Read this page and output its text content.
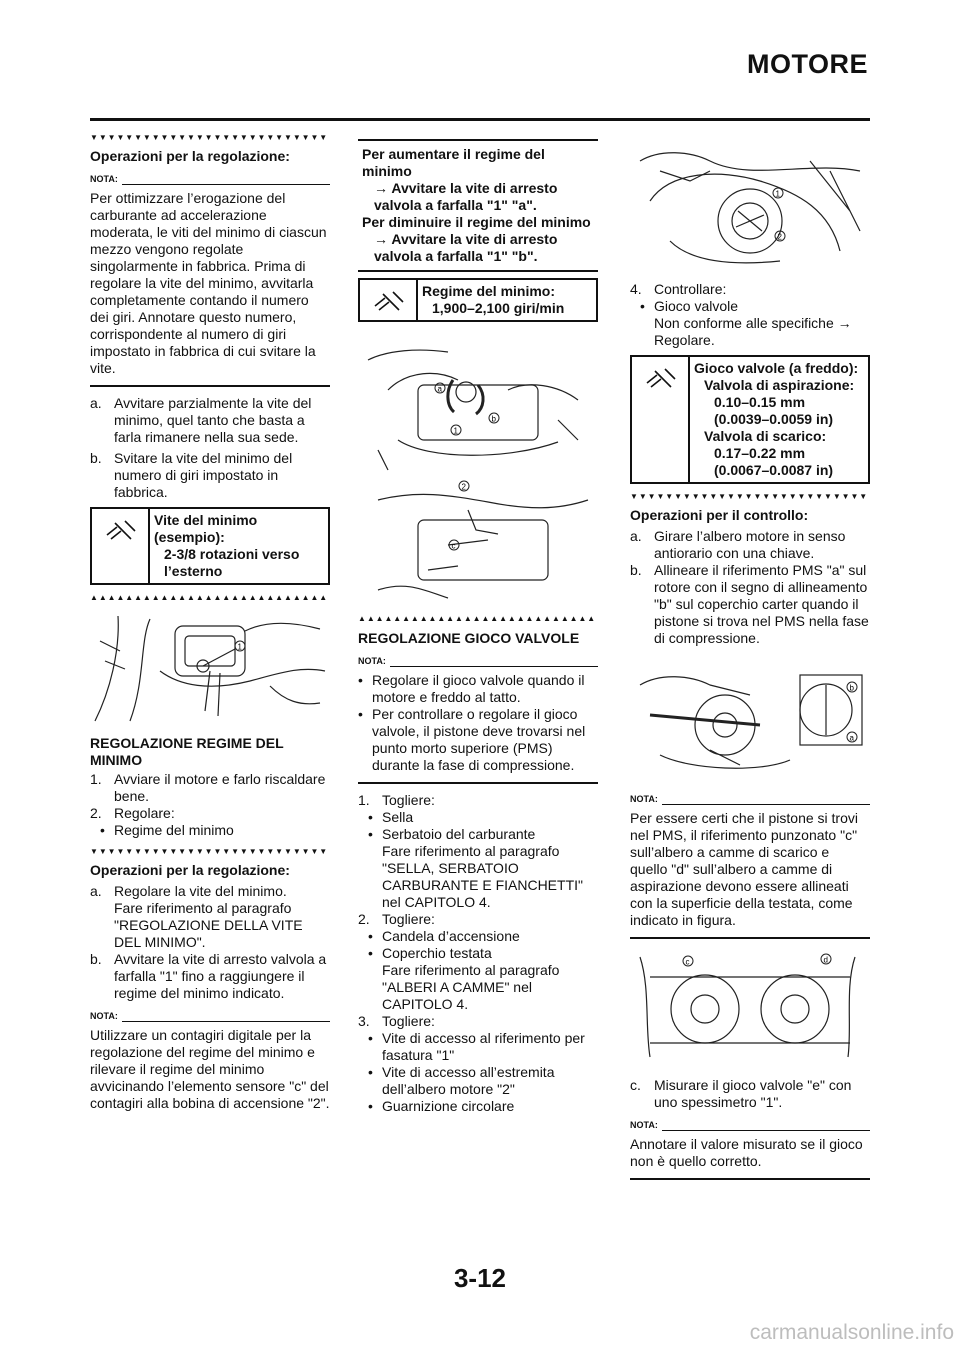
MOTORE
▼▼▼▼▼▼▼▼▼▼▼▼▼▼▼▼▼▼▼▼▼▼▼▼▼▼▼
Operazioni per la regolazione:
NOTA:
Per ottimizzare l’erogazione del carburante ad accelerazione moderata, le viti del minimo di ciascun mezzo vengono regolate singolarmente in fabbrica. Prima di regolare la vite del minimo, avvitarla completamente contando il numero dei giri. Annotare questo numero, corrispondente al numero di giri impostato in fabbrica di cui svitare la vite.
a. Avvitare parzialmente la vite del minimo, quel tanto che basta a farla rimanere nella sua sede.
b. Svitare la vite del minimo del numero di giri impostato in fabbrica.
Vite del minimo (esempio):
2-3/8 rotazioni verso l’esterno
▲▲▲▲▲▲▲▲▲▲▲▲▲▲▲▲▲▲▲▲▲▲▲▲▲▲▲
1
REGOLAZIONE REGIME DEL MINIMO
1. Avviare il motore e farlo riscaldare bene.
2. Regolare:
• Regime del minimo
▼▼▼▼▼▼▼▼▼▼▼▼▼▼▼▼▼▼▼▼▼▼▼▼▼▼▼
Operazioni per la regolazione:
a. Regolare la vite del minimo.
Fare riferimento al paragrafo "REGOLAZIONE DELLA VITE DEL MINIMO".
b. Avvitare la vite di arresto valvola a farfalla "1" fino a raggiungere il regime del minimo indicato.
NOTA:
Utilizzare un contagiri digitale per la regolazione del regime del minimo e rilevare il regime del minimo avvicinando l’elemento sensore "c" del contagiri alla bobina di accensione "2".
Per aumentare il regime del minimo
→ Avvitare la vite di arresto valvola a farfalla "1" "a".
Per diminuire il regime del minimo
→ Avvitare la vite di arresto valvola a farfalla "1" "b".
Regime del minimo:
1,900–2,100 giri/min
a
b
1
2
c
▲▲▲▲▲▲▲▲▲▲▲▲▲▲▲▲▲▲▲▲▲▲▲▲▲▲▲
REGOLAZIONE GIOCO VALVOLE
NOTA:
• Regolare il gioco valvole quando il motore e freddo al tatto.
• Per controllare o regolare il gioco valvole, il pistone deve trovarsi nel punto morto superiore (PMS) durante la fase di compressione.
1. Togliere:
• Sella
• Serbatoio del carburante
Fare riferimento al paragrafo "SELLA, SERBATOIO CARBURANTE E FIANCHETTI" nel CAPITOLO 4.
2. Togliere:
• Candela d’accensione
• Coperchio testata
Fare riferimento al paragrafo "ALBERI A CAMME" nel CAPITOLO 4.
3. Togliere:
• Vite di accesso al riferimento per fasatura "1"
• Vite di accesso all’estremita dell’albero motore "2"
• Guarnizione circolare
1
2
4. Controllare:
• Gioco valvole
Non conforme alle specifiche →
Regolare.
Gioco valvole (a freddo):
Valvola di aspirazione:
0.10–0.15 mm
(0.0039–0.0059 in)
Valvola di scarico:
0.17–0.22 mm
(0.0067–0.0087 in)
▼▼▼▼▼▼▼▼▼▼▼▼▼▼▼▼▼▼▼▼▼▼▼▼▼▼▼
Operazioni per il controllo:
a. Girare l’albero motore in senso antiorario con una chiave.
b. Allineare il riferimento PMS "a" sul rotore con il segno di allineamento "b" sul coperchio carter quando il pistone si trova nel PMS nella fase di compressione.
b
a
NOTA:
Per essere certi che il pistone si trovi nel PMS, il riferimento punzonato "c" sull’albero a camme di scarico e quello "d" sull’albero a camme di aspirazione devono essere allineati con la superficie della testata, come indicato in figura.
c	d
c. Misurare il gioco valvole "e" con uno spessimetro "1".
NOTA:
Annotare il valore misurato se il gioco non è quello corretto.
3-12
carmanualsonline.info
